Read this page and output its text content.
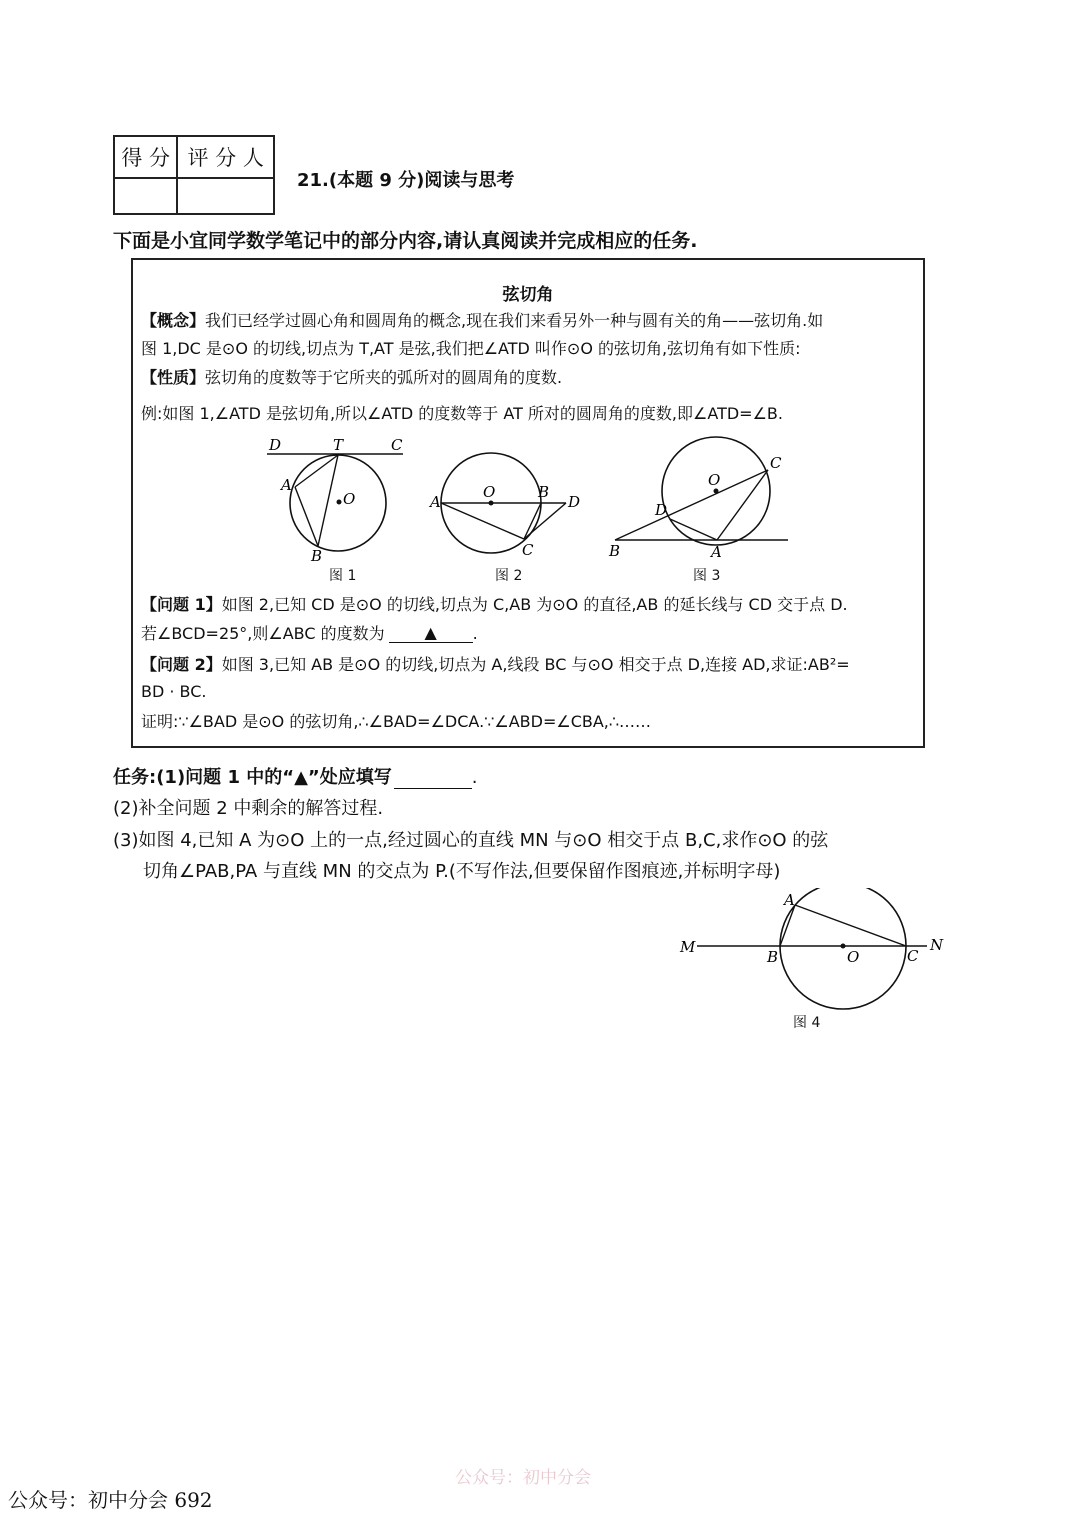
得 分	评 分 人

21.(本题 9 分)阅读与思考
下面是小宜同学数学笔记中的部分内容,请认真阅读并完成相应的任务.
弦切角
【概念】我们已经学过圆心角和圆周角的概念,现在我们来看另外一种与圆有关的角——弦切角.如
图 1,DC 是⊙O 的切线,切点为 T,AT 是弦,我们把∠ATD 叫作⊙O 的弦切角,弦切角有如下性质:
【性质】弦切角的度数等于它所夹的弧所对的圆周角的度数.
例:如图 1,∠ATD 是弦切角,所以∠ATD 的度数等于 AT 所对的圆周角的度数,即∠ATD=∠B.
D	T	C
A
O
B
图 1
A
O	B
D
C
图 2
O
C
D
B	A
图 3
【问题 1】如图 2,已知 CD 是⊙O 的切线,切点为 C,AB 为⊙O 的直径,AB 的延长线与 CD 交于点 D.
若∠BCD=25°,则∠ABC 的度数为 ▲ .
【问题 2】如图 3,已知 AB 是⊙O 的切线,切点为 A,线段 BC 与⊙O 相交于点 D,连接 AD,求证:AB²=
BD · BC.
证明:∵∠BAD 是⊙O 的弦切角,∴∠BAD=∠DCA.∵∠ABD=∠CBA,∴……
任务:(1)问题 1 中的“▲”处应填写	.
(2)补全问题 2 中剩余的解答过程.
(3)如图 4,已知 A 为⊙O 上的一点,经过圆心的直线 MN 与⊙O 相交于点 B,C,求作⊙O 的弦
切角∠PAB,PA 与直线 MN 的交点为 P.(不写作法,但要保留作图痕迹,并标明字母)
A
M
B	O	C
N
图 4
公众号：初中分会
公众号：初中分会 692
